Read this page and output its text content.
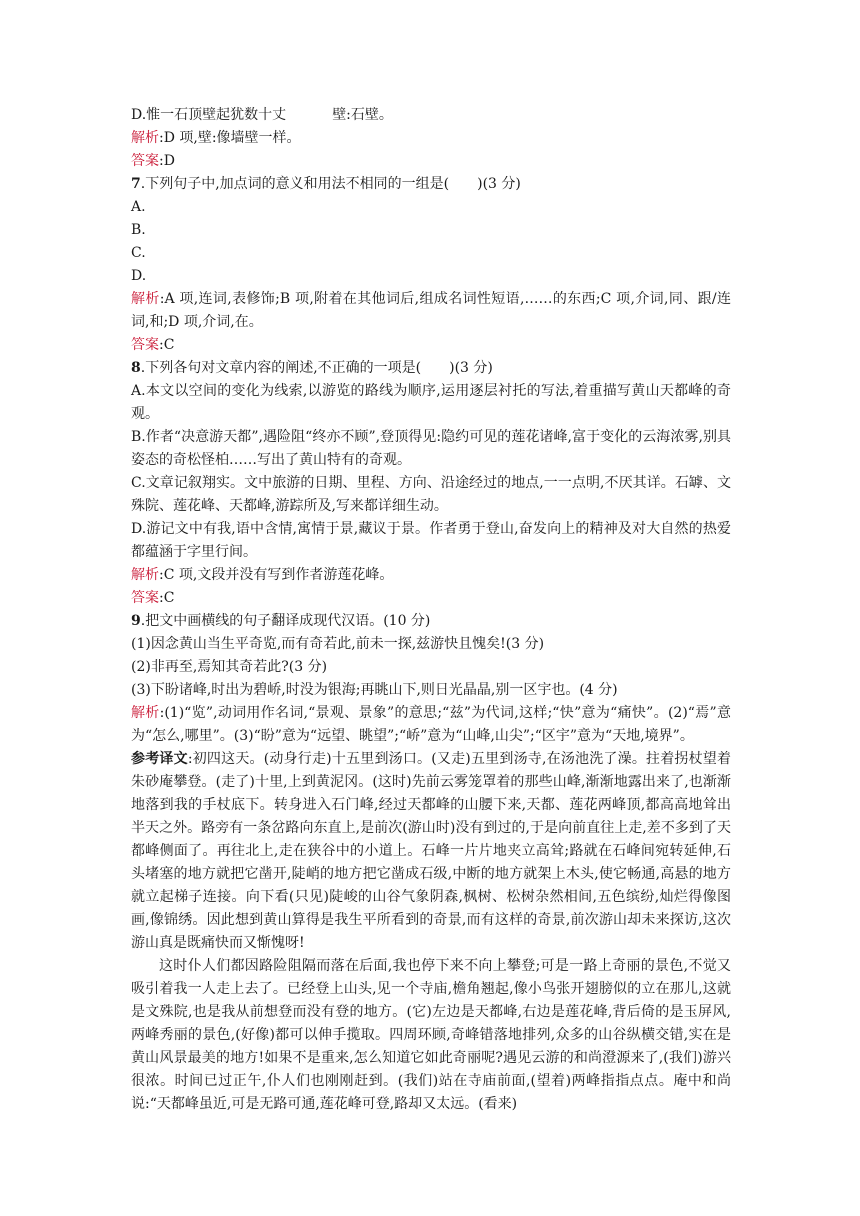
D.惟一石顶壁起犹数十丈	壁:石壁。
解析:D 项,壁:像墙壁一样。
答案:D
7.下列句子中,加点词的意义和用法不相同的一组是(　　)(3 分)
A.
B.
C.
D.
解析:A 项,连词,表修饰;B 项,附着在其他词后,组成名词性短语,……的东西;C 项,介词,同、跟/连词,和;D 项,介词,在。
答案:C
8.下列各句对文章内容的阐述,不正确的一项是(　　)(3 分)
A.本文以空间的变化为线索,以游览的路线为顺序,运用逐层衬托的写法,着重描写黄山天都峰的奇观。
B.作者“决意游天都”,遇险阻“终亦不顾”,登顶得见:隐约可见的莲花诸峰,富于变化的云海浓雾,别具姿态的奇松怪柏……写出了黄山特有的奇观。
C.文章记叙翔实。文中旅游的日期、里程、方向、沿途经过的地点,一一点明,不厌其详。石罅、文殊院、莲花峰、天都峰,游踪所及,写来都详细生动。
D.游记文中有我,语中含情,寓情于景,藏议于景。作者勇于登山,奋发向上的精神及对大自然的热爱都蕴涵于字里行间。
解析:C 项,文段并没有写到作者游莲花峰。
答案:C
9.把文中画横线的句子翻译成现代汉语。(10 分)
(1)因念黄山当生平奇览,而有奇若此,前未一探,兹游快且愧矣!(3 分)
(2)非再至,焉知其奇若此?(3 分)
(3)下盼诸峰,时出为碧峤,时没为银海;再眺山下,则日光晶晶,别一区宇也。(4 分)
解析:(1)“览”,动词用作名词,“景观、景象”的意思;“兹”为代词,这样;“快”意为“痛快”。(2)“焉”意为“怎么,哪里”。(3)“盼”意为“远望、眺望”;“峤”意为“山峰,山尖”;“区宇”意为“天地,境界”。
参考译文:初四这天。(动身行走)十五里到汤口。(又走)五里到汤寺,在汤池洗了澡。拄着拐杖望着朱砂庵攀登。(走了)十里,上到黄泥冈。(这时)先前云雾笼罩着的那些山峰,渐渐地露出来了,也渐渐地落到我的手杖底下。转身进入石门峰,经过天都峰的山腰下来,天都、莲花两峰顶,都高高地耸出半天之外。路旁有一条岔路向东直上,是前次(游山时)没有到过的,于是向前直往上走,差不多到了天都峰侧面了。再往北上,走在狭谷中的小道上。石峰一片片地夹立高耸;路就在石峰间宛转延伸,石头堵塞的地方就把它凿开,陡峭的地方把它凿成石级,中断的地方就架上木头,使它畅通,高悬的地方就立起梯子连接。向下看(只见)陡峻的山谷气象阴森,枫树、松树杂然相间,五色缤纷,灿烂得像图画,像锦绣。因此想到黄山算得是我生平所看到的奇景,而有这样的奇景,前次游山却未来探访,这次游山真是既痛快而又惭愧呀!
这时仆人们都因路险阻隔而落在后面,我也停下来不向上攀登;可是一路上奇丽的景色,不觉又吸引着我一人走上去了。已经登上山头,见一个寺庙,檐角翘起,像小鸟张开翅膀似的立在那儿,这就是文殊院,也是我从前想登而没有登的地方。(它)左边是天都峰,右边是莲花峰,背后倚的是玉屏风,两峰秀丽的景色,(好像)都可以伸手揽取。四周环顾,奇峰错落地排列,众多的山谷纵横交错,实在是黄山风景最美的地方!如果不是重来,怎么知道它如此奇丽呢?遇见云游的和尚澄源来了,(我们)游兴很浓。时间已过正午,仆人们也刚刚赶到。(我们)站在寺庙前面,(望着)两峰指指点点。庵中和尚说:“天都峰虽近,可是无路可通,莲花峰可登,路却又太远。(看来)
